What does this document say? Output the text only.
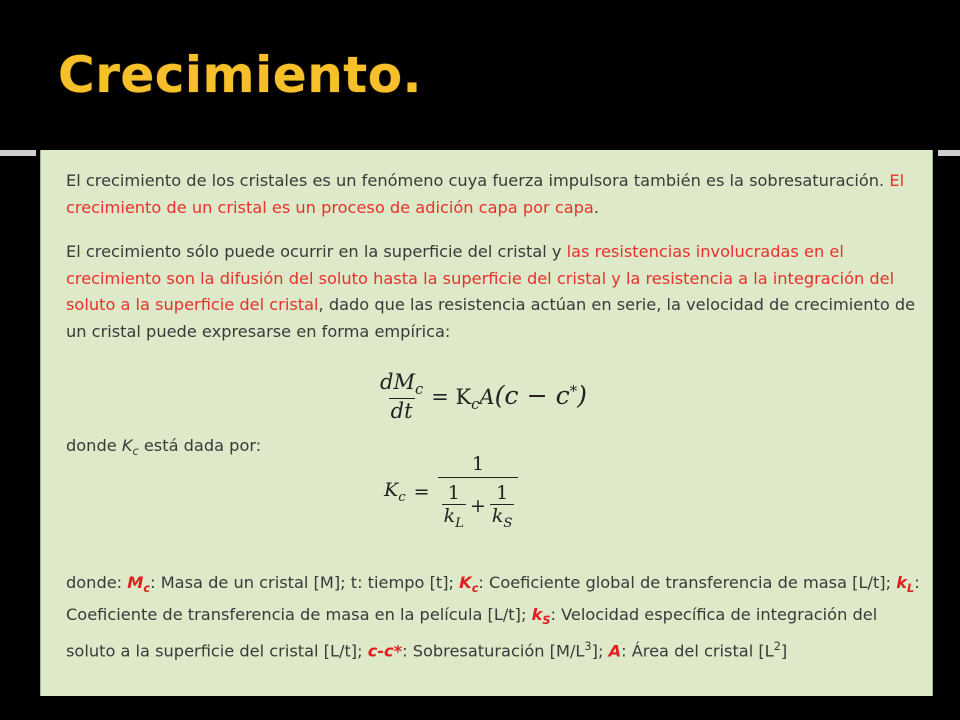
Crecimiento.

El crecimiento de los cristales es un fenómeno cuya fuerza impulsora también es la sobresaturación. El crecimiento de un cristal es un proceso de adición capa por capa.

El crecimiento sólo puede ocurrir en la superficie del cristal y las resistencias involucradas en el crecimiento son la difusión del soluto hasta la superficie del cristal y la resistencia a la integración del soluto a la superficie del cristal, dado que las resistencia actúan en serie, la velocidad de crecimiento de un cristal puede expresarse en forma empírica:

$\frac{dM_c}{dt} = K_cA(c - c^*)$
donde $K_c$ está dada por:
$K_c$ =
1
$\frac{1}{k_L} + \frac{1}{k_S}$

donde: $M_c$: Masa de un cristal [M]; t: tiempo [t]; $K_c$: Coeficiente global de transferencia de masa [L/t]; $k_L$: Coeficiente de transferencia de masa en la película [L/t]; $k_S$: Velocidad específica de integración del soluto a la superficie del cristal [L/t]; c-c*: Sobresaturación $[M/L^3]$; A: Área del cristal $[L^2]$
